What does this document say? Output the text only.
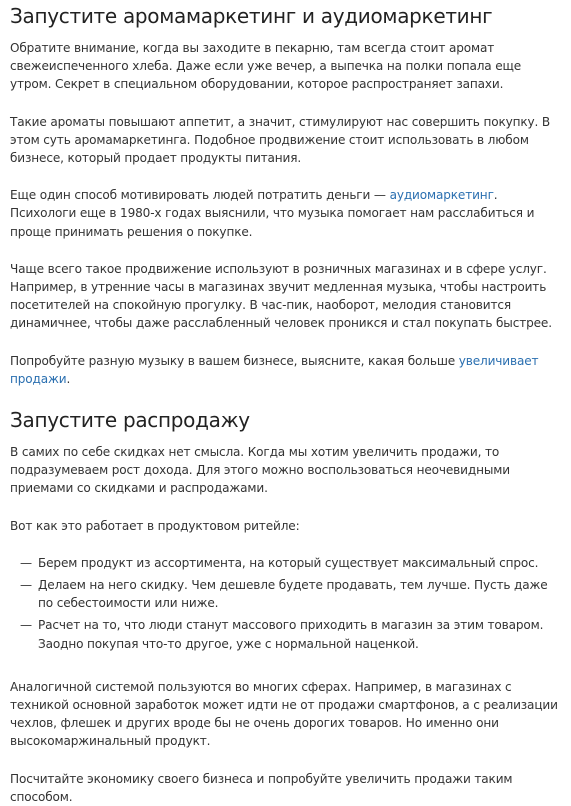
Запустите аромамаркетинг и аудиомаркетинг

Обратите внимание, когда вы заходите в пекарню, там всегда стоит аромат свежеиспеченного хлеба. Даже если уже вечер, а выпечка на полки попала еще утром. Секрет в специальном оборудовании, которое распространяет запахи.

Такие ароматы повышают аппетит, а значит, стимулируют нас совершить покупку. В этом суть аромамаркетинга. Подобное продвижение стоит использовать в любом бизнесе, который продает продукты питания.

Еще один способ мотивировать людей потратить деньги — аудиомаркетинг. Психологи еще в 1980-х годах выяснили, что музыка помогает нам расслабиться и проще принимать решения о покупке.

Чаще всего такое продвижение используют в розничных магазинах и в сфере услуг. Например, в утренние часы в магазинах звучит медленная музыка, чтобы настроить посетителей на спокойную прогулку. В час-пик, наоборот, мелодия становится динамичнее, чтобы даже расслабленный человек проникся и стал покупать быстрее.

Попробуйте разную музыку в вашем бизнесе, выясните, какая больше увеличивает продажи.

Запустите распродажу

В самих по себе скидках нет смысла. Когда мы хотим увеличить продажи, то подразумеваем рост дохода. Для этого можно воспользоваться неочевидными приемами со скидками и распродажами.

Вот как это работает в продуктовом ритейле:

— Берем продукт из ассортимента, на который существует максимальный спрос.
— Делаем на него скидку. Чем дешевле будете продавать, тем лучше. Пусть даже по себестоимости или ниже.
— Расчет на то, что люди станут массового приходить в магазин за этим товаром. Заодно покупая что-то другое, уже с нормальной наценкой.

Аналогичной системой пользуются во многих сферах. Например, в магазинах с техникой основной заработок может идти не от продажи смартфонов, а с реализации чехлов, флешек и других вроде бы не очень дорогих товаров. Но именно они высокомаржинальный продукт.

Посчитайте экономику своего бизнеса и попробуйте увеличить продажи таким способом.
